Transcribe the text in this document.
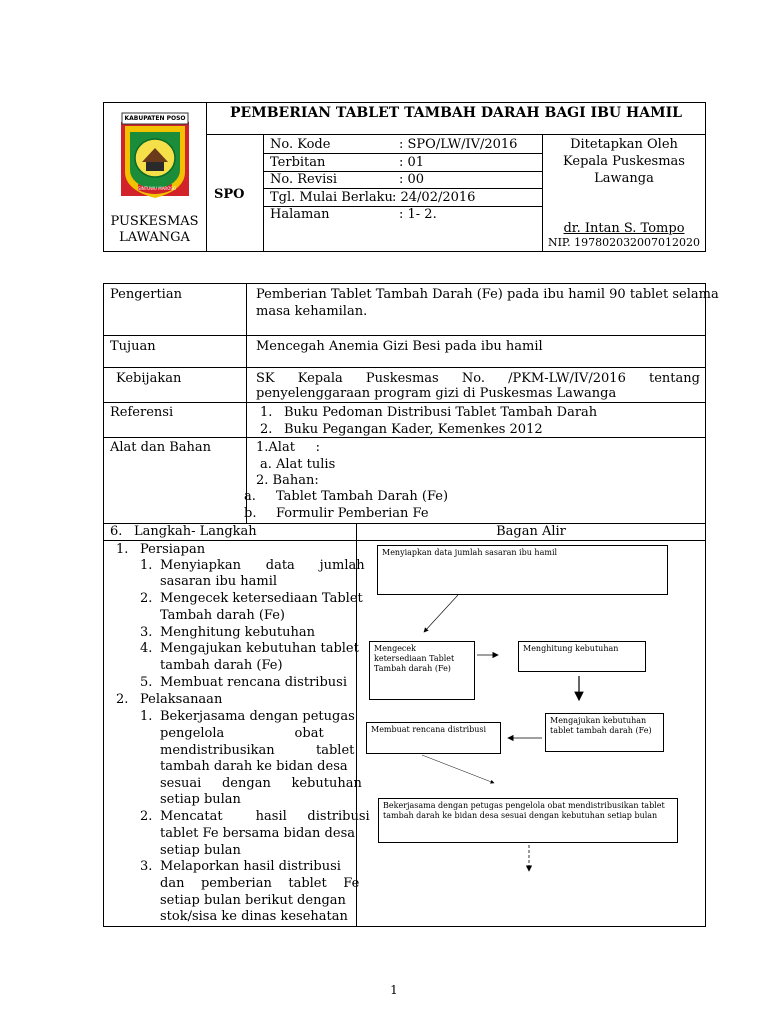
KABUPATEN POSO
SINTUWU MAROSO
PUSKESMAS
LAWANGA
PEMBERIAN TABLET TAMBAH DARAH BAGI IBU HAMIL
SPO
No. Kode	: SPO/LW/IV/2016
Terbitan	: 01
No. Revisi	: 00
Tgl. Mulai Berlaku : 24/02/2016
Halaman	: 1- 2.
Ditetapkan Oleh
Kepala Puskesmas
Lawanga
dr. Intan S. Tompo
NIP. 197802032007012020
Pengertian	Pemberian Tablet Tambah Darah (Fe) pada ibu hamil 90 tablet selama
masa kehamilan.
Tujuan	Mencegah Anemia Gizi Besi pada ibu hamil
Kebijakan	SK Kepala Puskesmas No. /PKM-LW/IV/2016 tentang
penyelenggaraan program gizi di Puskesmas Lawanga
Referensi	1. Buku Pedoman Distribusi Tablet Tambah Darah
2. Buku Pegangan Kader, Kemenkes 2012
Alat dan Bahan	1.Alat     :
a. Alat tulis
2. Bahan:
a. Tablet Tambah Darah (Fe)
b. Formulir Pemberian Fe
6. Langkah- Langkah	Bagan Alir
1. Persiapan
1. Menyiapkan      data      jumlah
sasaran ibu hamil
2. Mengecek ketersediaan Tablet
Tambah darah (Fe)
3. Menghitung kebutuhan
4. Mengajukan kebutuhan tablet
tambah darah (Fe)
5. Membuat rencana distribusi
2. Pelaksanaan
1. Bekerjasama dengan petugas
pengelola                 obat
mendistribusikan          tablet
tambah darah ke bidan desa
sesuai     dengan     kebutuhan
setiap bulan
2. Mencatat        hasil     distribusi
tablet Fe bersama bidan desa
setiap bulan
3. Melaporkan hasil distribusi
dan    pemberian    tablet    Fe
setiap bulan berikut dengan
stok/sisa ke dinas kesehatan
Menyiapkan data jumlah sasaran ibu hamil
Mengecek ketersediaan Tablet Tambah darah (Fe)
Menghitung kebutuhan
Mengajukan kebutuhan tablet tambah darah (Fe)
Membuat rencana distribusi
Bekerjasama dengan petugas pengelola obat mendistribusikan tablet tambah darah ke bidan desa sesuai dengan kebutuhan setiap bulan
1
